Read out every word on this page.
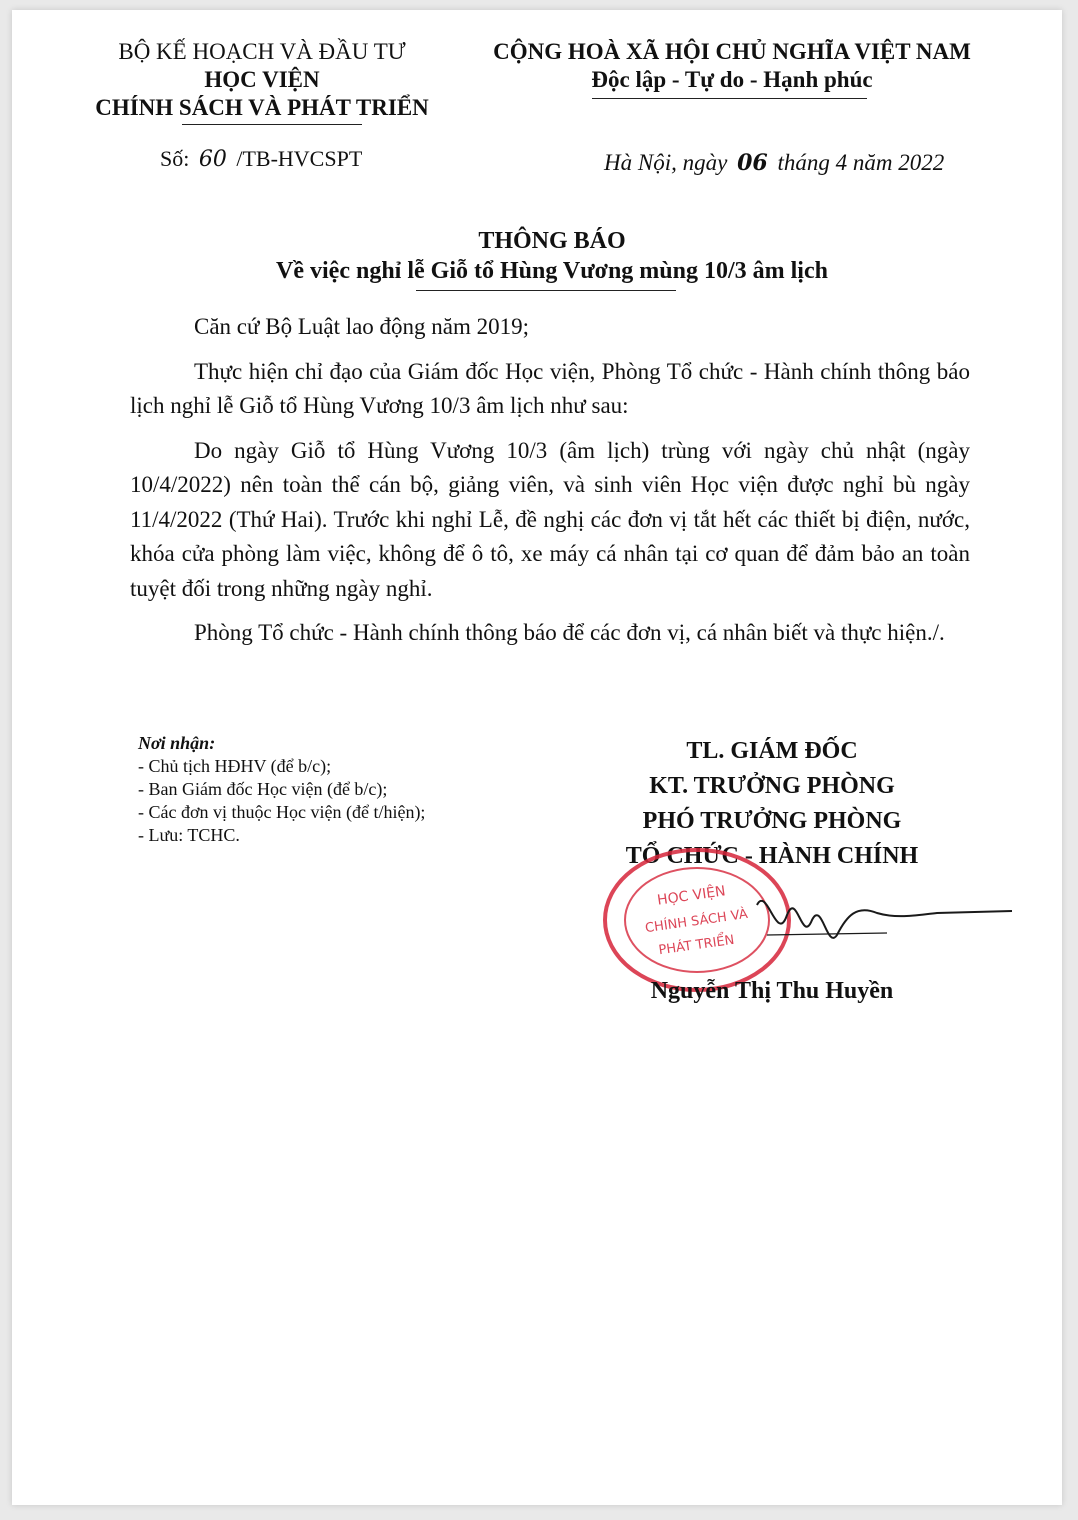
BỘ KẾ HOẠCH VÀ ĐẦU TƯ
HỌC VIỆN
CHÍNH SÁCH VÀ PHÁT TRIỂN
CỘNG HOÀ XÃ HỘI CHỦ NGHĨA VIỆT NAM
Độc lập - Tự do - Hạnh phúc
Số: 60 /TB-HVCSPT	Hà Nội, ngày 06 tháng 4 năm 2022
THÔNG BÁO
Về việc nghỉ lễ Giỗ tổ Hùng Vương mùng 10/3 âm lịch

Căn cứ Bộ Luật lao động năm 2019;

Thực hiện chỉ đạo của Giám đốc Học viện, Phòng Tổ chức - Hành chính thông báo lịch nghỉ lễ Giỗ tổ Hùng Vương 10/3 âm lịch như sau:

Do ngày Giỗ tổ Hùng Vương 10/3 (âm lịch) trùng với ngày chủ nhật (ngày 10/4/2022) nên toàn thể cán bộ, giảng viên, và sinh viên Học viện được nghỉ bù ngày 11/4/2022 (Thứ Hai). Trước khi nghỉ Lễ, đề nghị các đơn vị tắt hết các thiết bị điện, nước, khóa cửa phòng làm việc, không để ô tô, xe máy cá nhân tại cơ quan để đảm bảo an toàn tuyệt đối trong những ngày nghỉ.

Phòng Tổ chức - Hành chính thông báo để các đơn vị, cá nhân biết và thực hiện./.

Nơi nhận:
- Chủ tịch HĐHV (để b/c);
- Ban Giám đốc Học viện (để b/c);
- Các đơn vị thuộc Học viện (để t/hiện);
- Lưu: TCHC.
TL. GIÁM ĐỐC
KT. TRƯỞNG PHÒNG
PHÓ TRƯỞNG PHÒNG
TỔ CHỨC - HÀNH CHÍNH
HỌC VIỆN
CHÍNH SÁCH VÀ
PHÁT TRIỂN
Nguyễn Thị Thu Huyền
